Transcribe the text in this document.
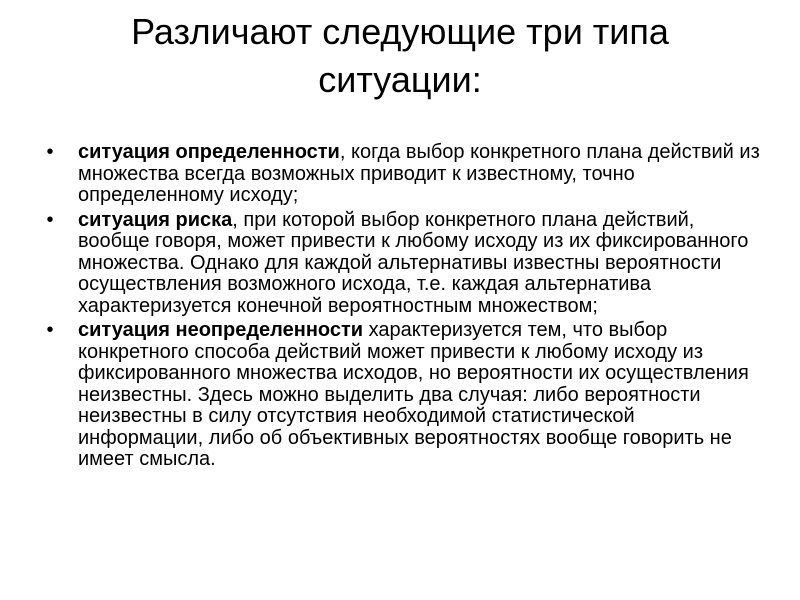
Различают следующие три типа ситуации:
•	ситуация определенности, когда выбор конкретного плана действий из множества всегда возможных приводит к известному, точно определенному исходу;
•	ситуация риска, при которой выбор конкретного плана действий, вообще говоря, может привести к любому исходу из их фиксированного множества. Однако для каждой альтернативы известны вероятности осуществления возможного исхода, т.е. каждая альтернатива характеризуется конечной вероятностным множеством;
•	ситуация неопределенности характеризуется тем, что выбор конкретного способа действий может привести к любому исходу из фиксированного множества исходов, но вероятности их осуществления неизвестны. Здесь можно выделить два случая: либо вероятности неизвестны в силу отсутствия необходимой статистической информации, либо об объективных вероятностях вообще говорить не имеет смысла.
